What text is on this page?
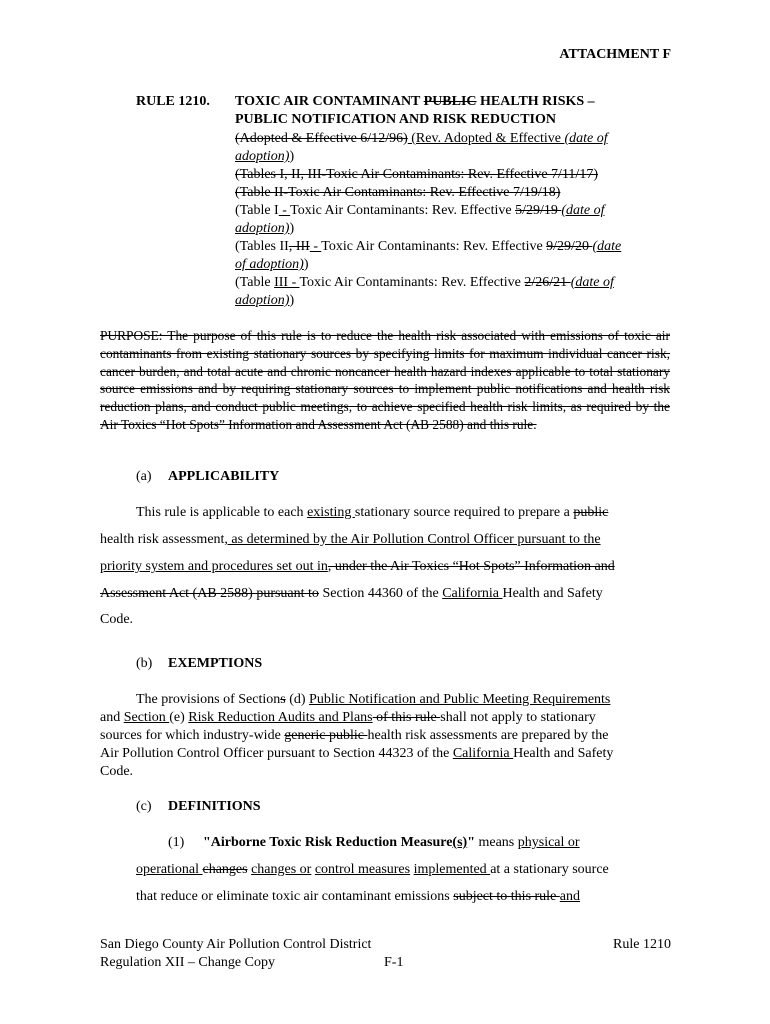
ATTACHMENT F
RULE 1210. TOXIC AIR CONTAMINANT PUBLIC HEALTH RISKS –
PUBLIC NOTIFICATION AND RISK REDUCTION
(Adopted & Effective 6/12/96) (Rev. Adopted & Effective (date of
adoption))
(Tables I, II, III-Toxic Air Contaminants: Rev. Effective 7/11/17)
(Table II-Toxic Air Contaminants: Rev. Effective 7/19/18)
(Table I - Toxic Air Contaminants: Rev. Effective 5/29/19 (date of
adoption))
(Tables II, III - Toxic Air Contaminants: Rev. Effective 9/29/20 (date
of adoption))
(Table III - Toxic Air Contaminants: Rev. Effective 2/26/21 (date of
adoption))
PURPOSE: The purpose of this rule is to reduce the health risk associated with emissions of toxic air contaminants from existing stationary sources by specifying limits for maximum individual cancer risk, cancer burden, and total acute and chronic noncancer health hazard indexes applicable to total stationary source emissions and by requiring stationary sources to implement public notifications and health risk reduction plans, and conduct public meetings, to achieve specified health risk limits, as required by the Air Toxics “Hot Spots” Information and Assessment Act (AB 2588) and this rule.
(a) APPLICABILITY
This rule is applicable to each existing stationary source required to prepare a public
health risk assessment, as determined by the Air Pollution Control Officer pursuant to the
priority system and procedures set out in, under the Air Toxics “Hot Spots” Information and
Assessment Act (AB 2588) pursuant to Section 44360 of the California Health and Safety
Code.
(b) EXEMPTIONS
The provisions of Sections (d) Public Notification and Public Meeting Requirements
and Section (e) Risk Reduction Audits and Plans of this rule shall not apply to stationary
sources for which industry-wide generic public health risk assessments are prepared by the
Air Pollution Control Officer pursuant to Section 44323 of the California Health and Safety
Code.
(c) DEFINITIONS
(1) "Airborne Toxic Risk Reduction Measure(s)" means physical or
operational changes changes or control measures implemented at a stationary source
that reduce or eliminate toxic air contaminant emissions subject to this rule and
San Diego County Air Pollution Control District
Regulation XII – Change Copy
Rule 1210
F-1
